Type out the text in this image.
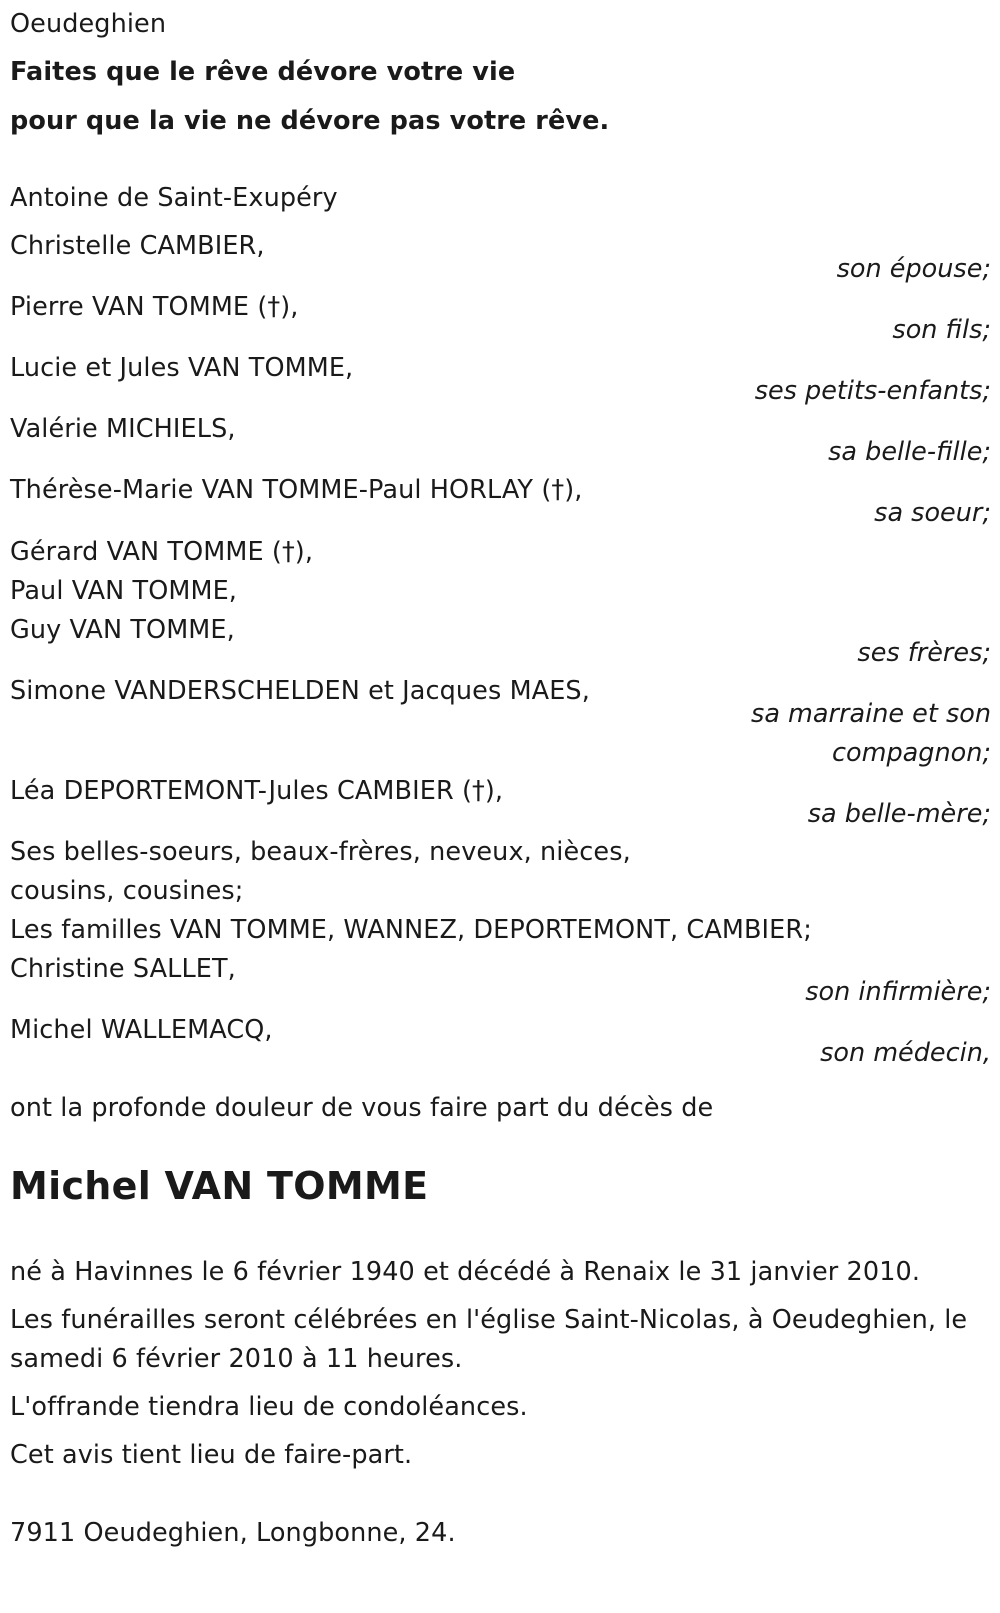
Oeudeghien
Faites que le rêve dévore votre vie
pour que la vie ne dévore pas votre rêve.
Antoine de Saint-Exupéry
Christelle CAMBIER,
son épouse;
Pierre VAN TOMME (†),
son fils;
Lucie et Jules VAN TOMME,
ses petits-enfants;
Valérie MICHIELS,
sa belle-fille;
Thérèse-Marie VAN TOMME-Paul HORLAY (†),
sa soeur;
Gérard VAN TOMME (†),
Paul VAN TOMME,
Guy VAN TOMME,
ses frères;
Simone VANDERSCHELDEN et Jacques MAES,
sa marraine et son
compagnon;
Léa DEPORTEMONT-Jules CAMBIER (†),
sa belle-mère;
Ses belles-soeurs, beaux-frères, neveux, nièces,
cousins, cousines;
Les familles VAN TOMME, WANNEZ, DEPORTEMONT, CAMBIER;
Christine SALLET,
son infirmière;
Michel WALLEMACQ,
son médecin,
ont la profonde douleur de vous faire part du décès de
Michel VAN TOMME
né à Havinnes le 6 février 1940 et décédé à Renaix le 31 janvier 2010.
Les funérailles seront célébrées en l'église Saint-Nicolas, à Oeudeghien, le
samedi 6 février 2010 à 11 heures.
L'offrande tiendra lieu de condoléances.
Cet avis tient lieu de faire-part.
7911 Oeudeghien, Longbonne, 24.
